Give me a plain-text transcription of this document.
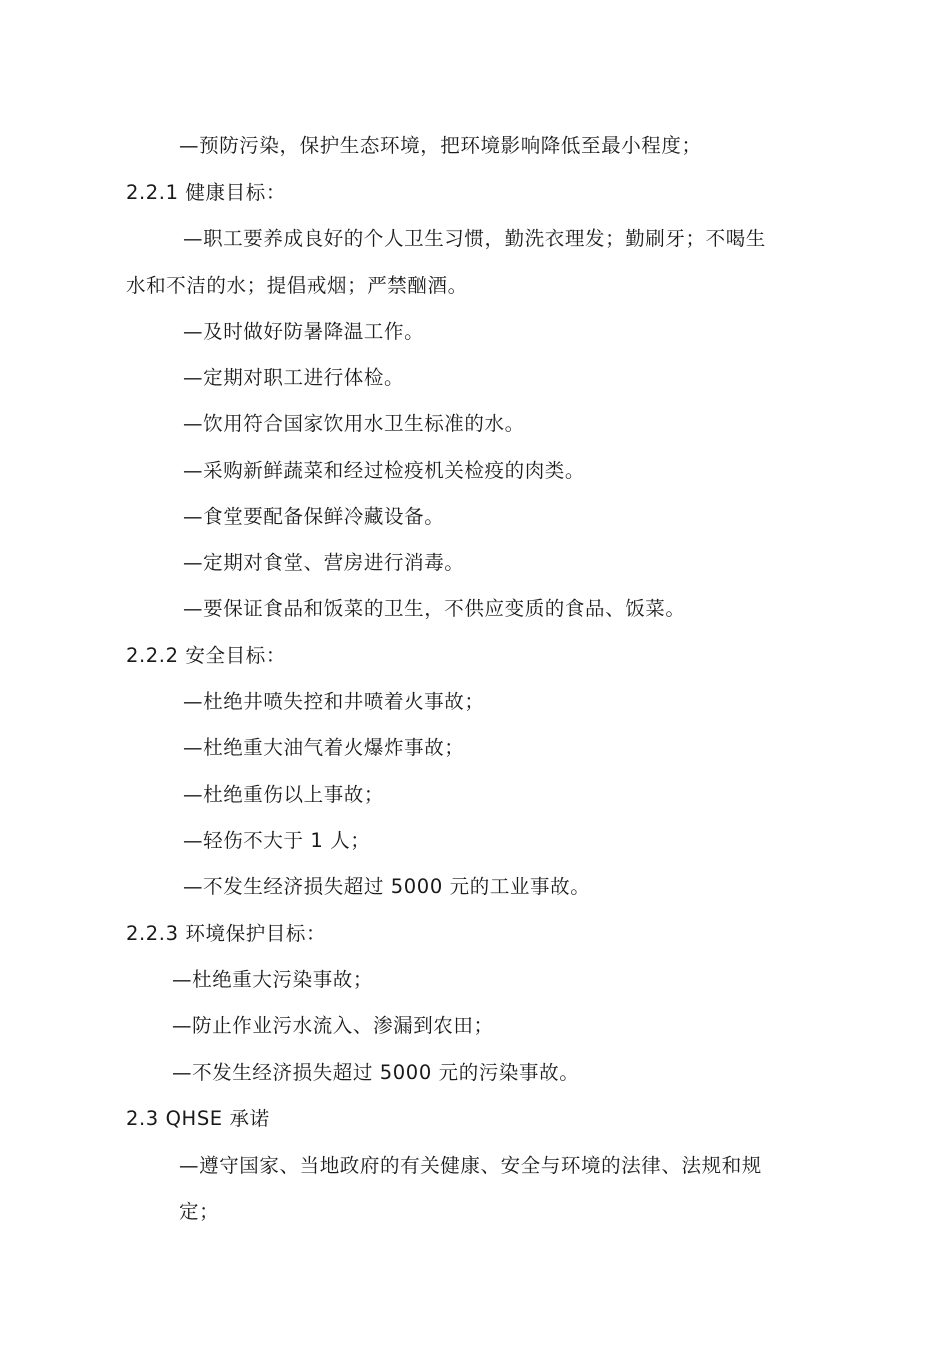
—预防污染，保护生态环境，把环境影响降低至最小程度；
2.2.1 健康目标：
—职工要养成良好的个人卫生习惯，勤洗衣理发；勤刷牙；不喝生
水和不洁的水；提倡戒烟；严禁酗酒。
—及时做好防暑降温工作。
—定期对职工进行体检。
—饮用符合国家饮用水卫生标准的水。
—采购新鲜蔬菜和经过检疫机关检疫的肉类。
—食堂要配备保鲜冷藏设备。
—定期对食堂、营房进行消毒。
—要保证食品和饭菜的卫生，不供应变质的食品、饭菜。
2.2.2 安全目标：
—杜绝井喷失控和井喷着火事故；
—杜绝重大油气着火爆炸事故；
—杜绝重伤以上事故；
—轻伤不大于 1 人；
—不发生经济损失超过 5000 元的工业事故。
2.2.3 环境保护目标：
—杜绝重大污染事故；
—防止作业污水流入、渗漏到农田；
—不发生经济损失超过 5000 元的污染事故。
2.3 QHSE 承诺
—遵守国家、当地政府的有关健康、安全与环境的法律、法规和规
定；
